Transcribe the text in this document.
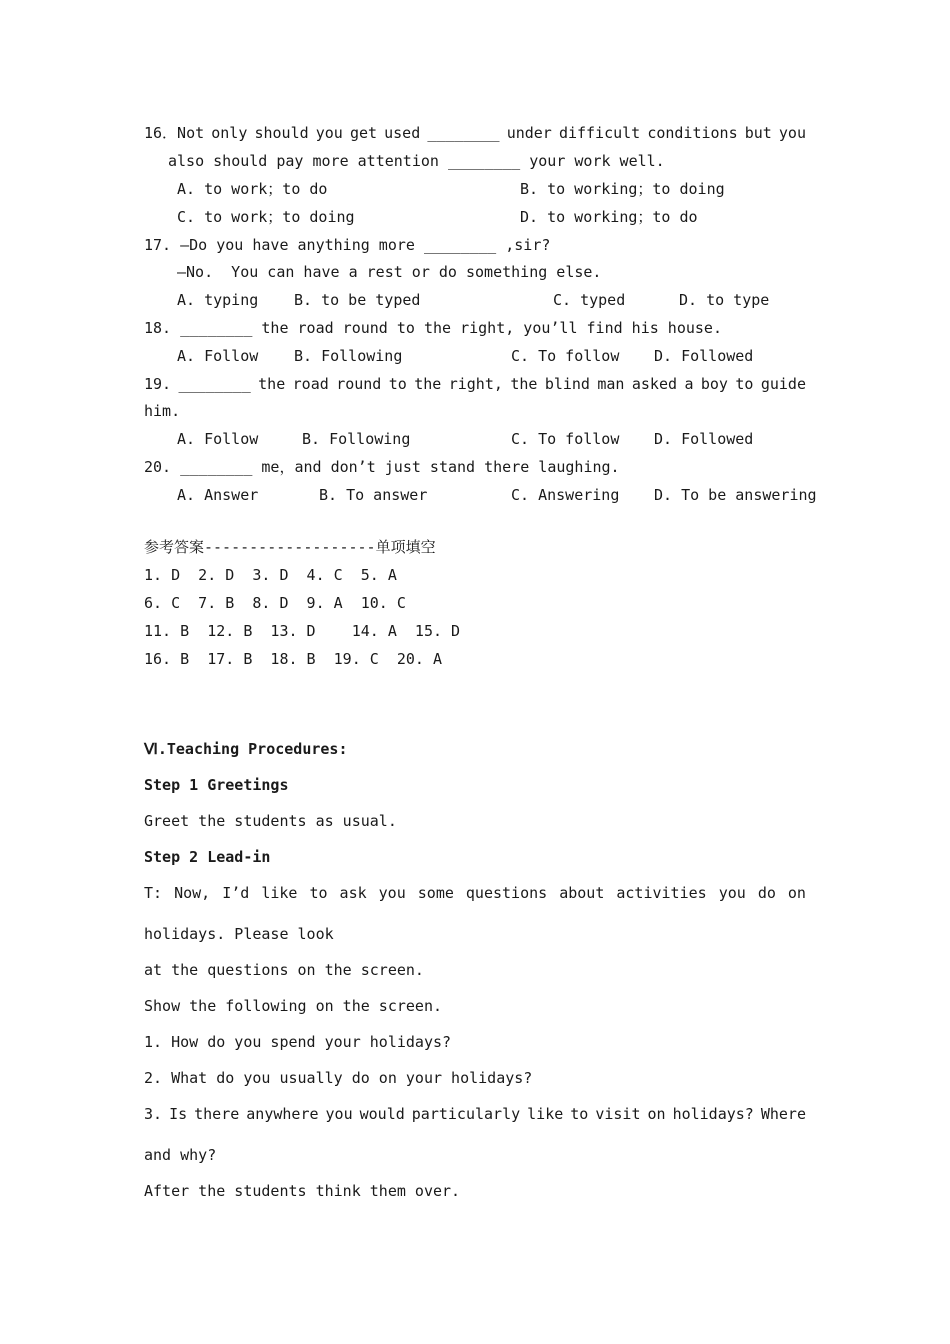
16．Not only should you get used ________ under difficult conditions but you
also should pay more attention ________ your work well.
A. to work；to do	B. to working；to doing
C. to work；to doing	D. to working；to do
17. —Do you have anything more ________ ,sir?
—No.  You can have a rest or do something else.
A. typing B. to be typed	C. typed	D. to type
18. ________ the road round to the right, you’ll find his house.
A. Follow B. Following	C. To follow D. Followed
19. ________ the road round to the right, the blind man asked a boy to guide
him.
A. Follow	B. Following	C. To follow D. Followed
20. ________ me，and don’t just stand there laughing.
A. Answer	B. To answer	C. Answering D. To be answering
参考答案-------------------单项填空
1. D  2. D  3. D  4. C  5. A
6. C  7. B  8. D  9. A  10. C
11. B  12. B  13. D    14. A  15. D
16. B  17. B  18. B  19. C  20. A
Ⅵ.Teaching Procedures:
Step 1 Greetings
Greet the students as usual.
Step 2 Lead-in
T: Now, I’d like to ask you some questions about activities you do on
holidays. Please look
at the questions on the screen.
Show the following on the screen.
1. How do you spend your holidays?
2. What do you usually do on your holidays?
3. Is there anywhere you would particularly like to visit on holidays? Where
and why?
After the students think them over.
